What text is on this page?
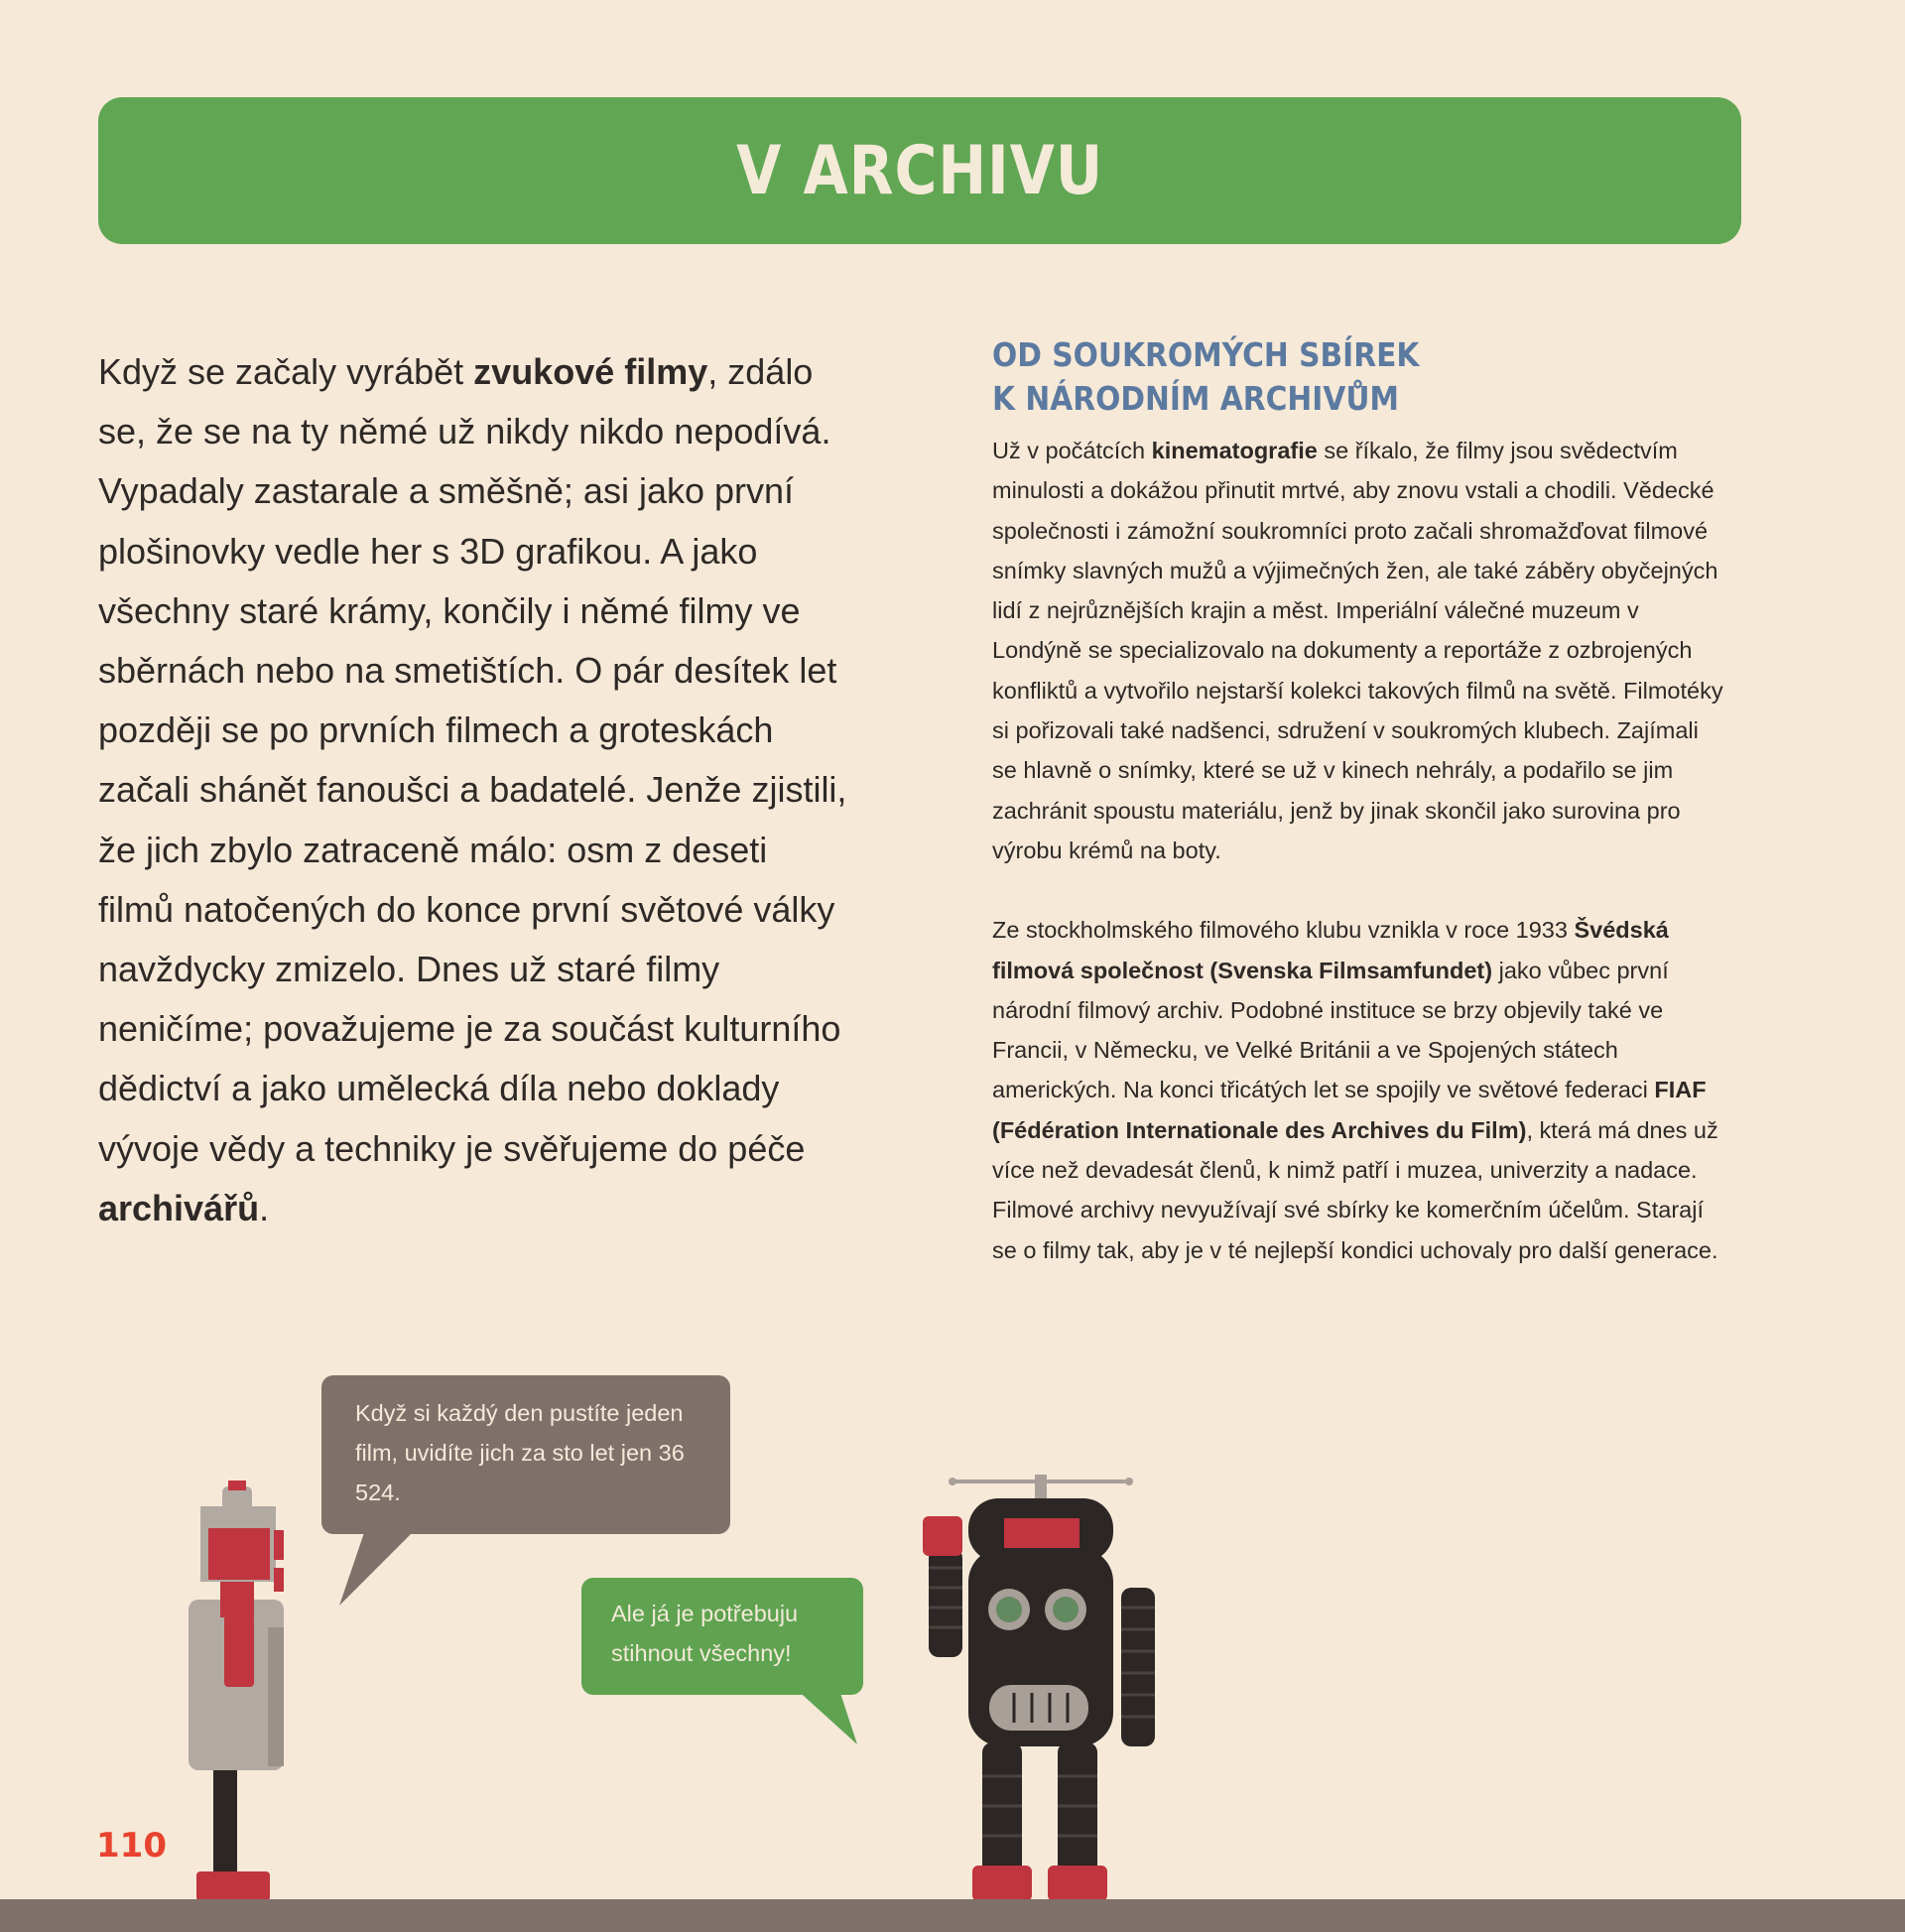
V ARCHIVU

Když se začaly vyrábět zvukové filmy, zdálo se, že se na ty němé už nikdy nikdo nepodívá. Vypadaly zastarale a směšně; asi jako první plošinovky vedle her s 3D grafikou. A jako všechny staré krámy, končily i němé filmy ve sběrnách nebo na smetištích. O pár desítek let později se po prvních filmech a groteskách začali shánět fanoušci a badatelé. Jenže zjistili, že jich zbylo zatraceně málo: osm z deseti filmů natočených do konce první světové války navždycky zmizelo. Dnes už staré filmy neničíme; považujeme je za součást kulturního dědictví a jako umělecká díla nebo doklady vývoje vědy a techniky je svěřujeme do péče archivářů.

OD SOUKROMÝCH SBÍREK
K NÁRODNÍM ARCHIVŮM

Už v počátcích kinematografie se říkalo, že filmy jsou svědectvím minulosti a dokážou přinutit mrtvé, aby znovu vstali a chodili. Vědecké společnosti i zámožní soukromníci proto začali shromažďovat filmové snímky slavných mužů a výjimečných žen, ale také záběry obyčejných lidí z nejrůznějších krajin a měst. Imperiální válečné muzeum v Londýně se specializovalo na dokumenty a reportáže z ozbrojených konfliktů a vytvořilo nejstarší kolekci takových filmů na světě. Filmotéky si pořizovali také nadšenci, sdružení v soukromých klubech. Zajímali se hlavně o snímky, které se už v kinech nehrály, a podařilo se jim zachránit spoustu materiálu, jenž by jinak skončil jako surovina pro výrobu krémů na boty.

Ze stockholmského filmového klubu vznikla v roce 1933 Švédská filmová společnost (Svenska Filmsamfundet) jako vůbec první národní filmový archiv. Podobné instituce se brzy objevily také ve Francii, v Německu, ve Velké Británii a ve Spojených státech amerických. Na konci třicátých let se spojily ve světové federaci FIAF (Fédération Internationale des Archives du Film), která má dnes už více než devadesát členů, k nimž patří i muzea, univerzity a nadace. Filmové archivy nevyužívají své sbírky ke komerčním účelům. Starají se o filmy tak, aby je v té nejlepší kondici uchovaly pro další generace.

Když si každý den pustíte jeden film, uvidíte jich za sto let jen 36 524.
Ale já je potřebuju stihnout všechny!
110
